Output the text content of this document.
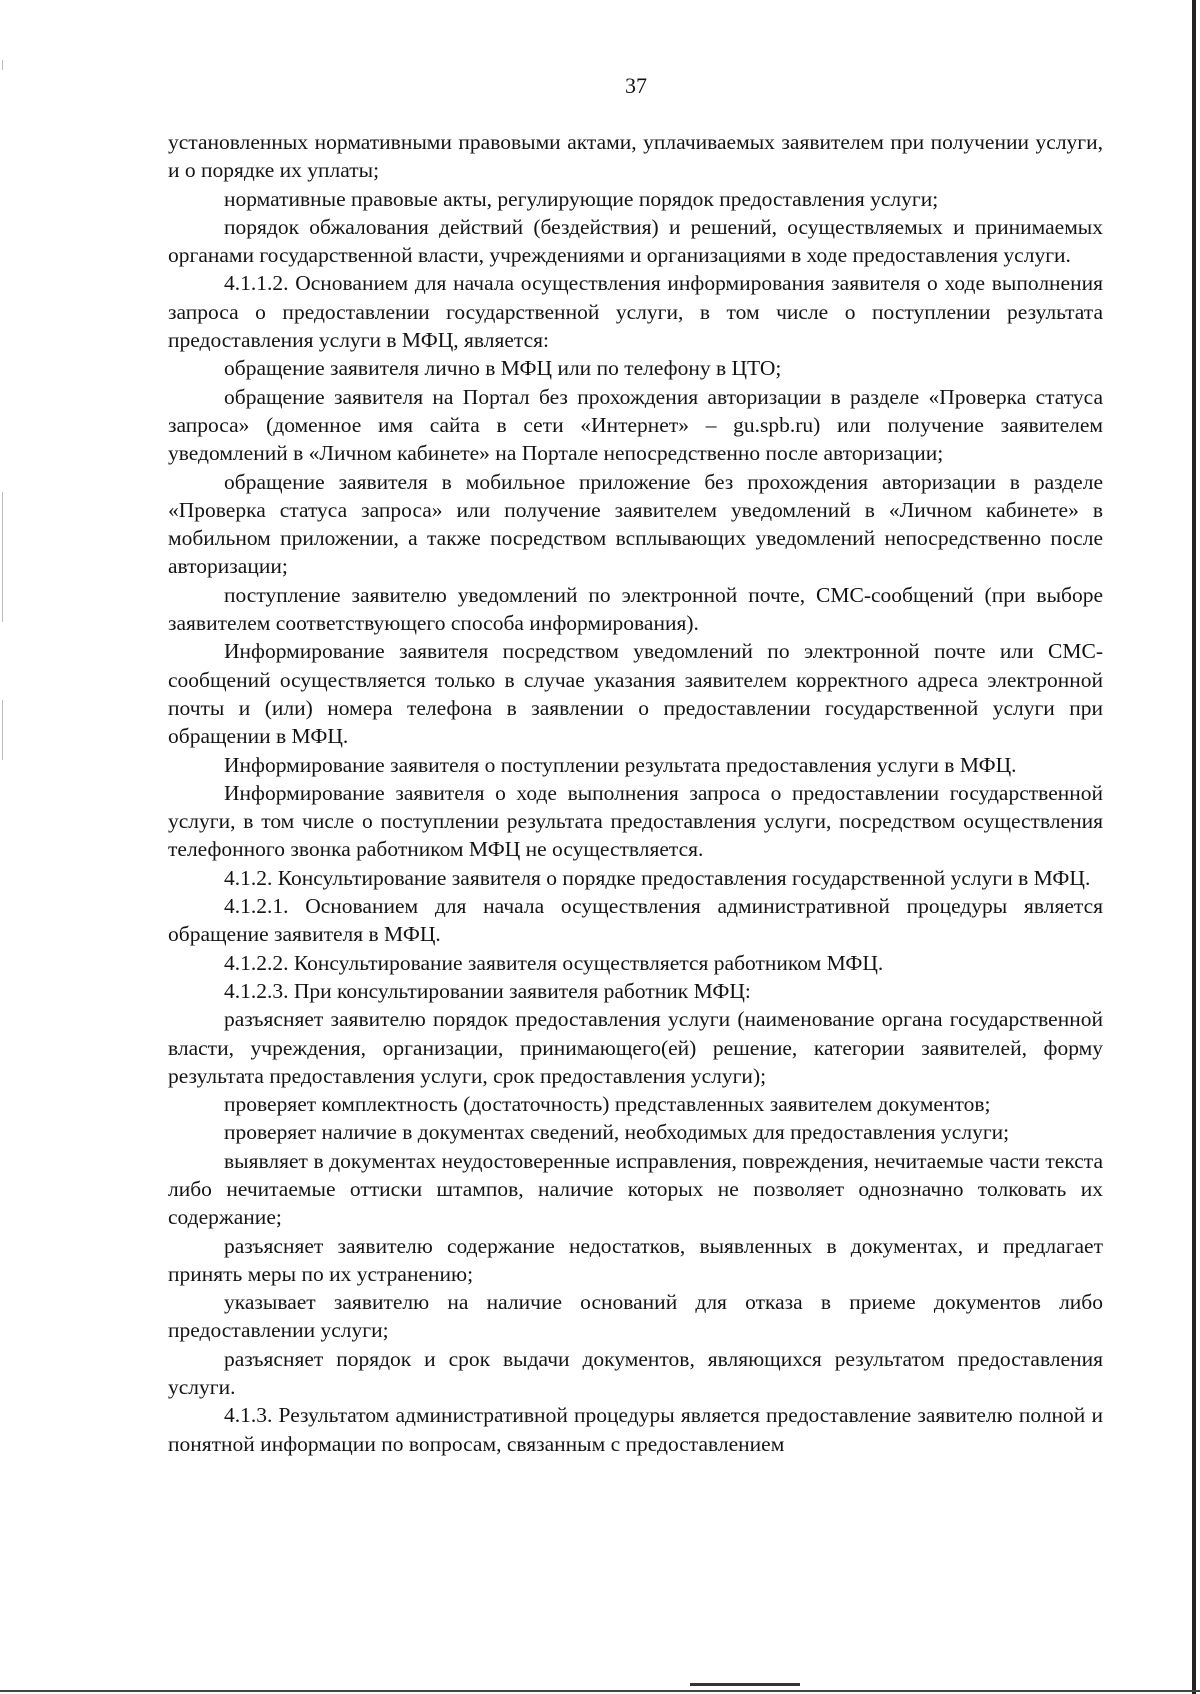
37

установленных нормативными правовыми актами, уплачиваемых заявителем при получении услуги, и о порядке их уплаты;

нормативные правовые акты, регулирующие порядок предоставления услуги;

порядок обжалования действий (бездействия) и решений, осуществляемых и принимаемых органами государственной власти, учреждениями и организациями в ходе предоставления услуги.

4.1.1.2. Основанием для начала осуществления информирования заявителя о ходе выполнения запроса о предоставлении государственной услуги, в том числе о поступлении результата предоставления услуги в МФЦ, является:

обращение заявителя лично в МФЦ или по телефону в ЦТО;

обращение заявителя на Портал без прохождения авторизации в разделе «Проверка статуса запроса» (доменное имя сайта в сети «Интернет» – gu.spb.ru) или получение заявителем уведомлений в «Личном кабинете» на Портале непосредственно после авторизации;

обращение заявителя в мобильное приложение без прохождения авторизации в разделе «Проверка статуса запроса» или получение заявителем уведомлений в «Личном кабинете» в мобильном приложении, а также посредством всплывающих уведомлений непосредственно после авторизации;

поступление заявителю уведомлений по электронной почте, СМС-сообщений (при выборе заявителем соответствующего способа информирования).

Информирование заявителя посредством уведомлений по электронной почте или СМС-сообщений осуществляется только в случае указания заявителем корректного адреса электронной почты и (или) номера телефона в заявлении о предоставлении государственной услуги при обращении в МФЦ.

Информирование заявителя о поступлении результата предоставления услуги в МФЦ.

Информирование заявителя о ходе выполнения запроса о предоставлении государственной услуги, в том числе о поступлении результата предоставления услуги, посредством осуществления телефонного звонка работником МФЦ не осуществляется.

4.1.2. Консультирование заявителя о порядке предоставления государственной услуги в МФЦ.

4.1.2.1. Основанием для начала осуществления административной процедуры является обращение заявителя в МФЦ.

4.1.2.2. Консультирование заявителя осуществляется работником МФЦ.

4.1.2.3. При консультировании заявителя работник МФЦ:

разъясняет заявителю порядок предоставления услуги (наименование органа государственной власти, учреждения, организации, принимающего(ей) решение, категории заявителей, форму результата предоставления услуги, срок предоставления услуги);

проверяет комплектность (достаточность) представленных заявителем документов;

проверяет наличие в документах сведений, необходимых для предоставления услуги;

выявляет в документах неудостоверенные исправления, повреждения, нечитаемые части текста либо нечитаемые оттиски штампов, наличие которых не позволяет однозначно толковать их содержание;

разъясняет заявителю содержание недостатков, выявленных в документах, и предлагает принять меры по их устранению;

указывает заявителю на наличие оснований для отказа в приеме документов либо предоставлении услуги;

разъясняет порядок и срок выдачи документов, являющихся результатом предоставления услуги.

4.1.3. Результатом административной процедуры является предоставление заявителю полной и понятной информации по вопросам, связанным с предоставлением
